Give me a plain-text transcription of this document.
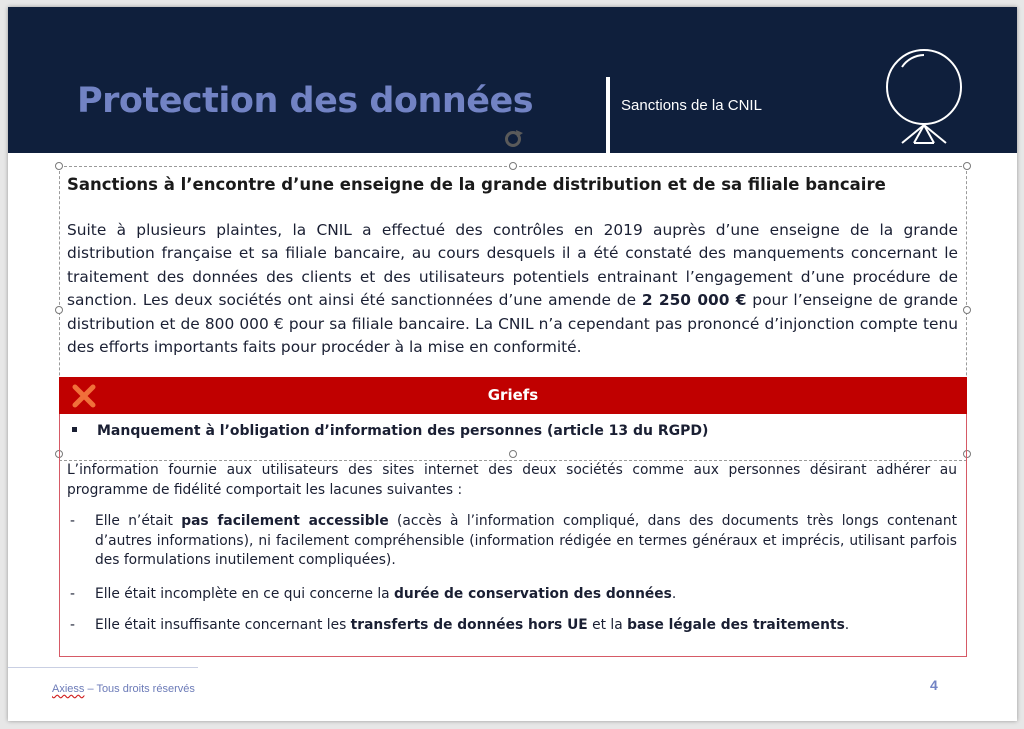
Protection des données	Sanctions de la CNIL
Sanctions à l’encontre d’une enseigne de la grande distribution et de sa filiale bancaire

Suite à plusieurs plaintes, la CNIL a effectué des contrôles en 2019 auprès d’une enseigne de la grande distribution française et sa filiale bancaire, au cours desquels il a été constaté des manquements concernant le traitement des données des clients et des utilisateurs potentiels entrainant l’engagement d’une procédure de sanction. Les deux sociétés ont ainsi été sanctionnées d’une amende de 2 250 000 € pour l’enseigne de grande distribution et de 800 000 € pour sa filiale bancaire. La CNIL n’a cependant pas prononcé d’injonction compte tenu des efforts importants faits pour procéder à la mise en conformité.

Griefs
Manquement à l’obligation d’information des personnes (article 13 du RGPD)

L’information fournie aux utilisateurs des sites internet des deux sociétés comme aux personnes désirant adhérer au programme de fidélité comportait les lacunes suivantes :

- Elle n’était pas facilement accessible (accès à l’information compliqué, dans des documents très longs contenant d’autres informations), ni facilement compréhensible (information rédigée en termes généraux et imprécis, utilisant parfois des formulations inutilement compliquées).
- Elle était incomplète en ce qui concerne la durée de conservation des données.
- Elle était insuffisante concernant les transferts de données hors UE et la base légale des traitements.
Axiess – Tous droits réservés	4
